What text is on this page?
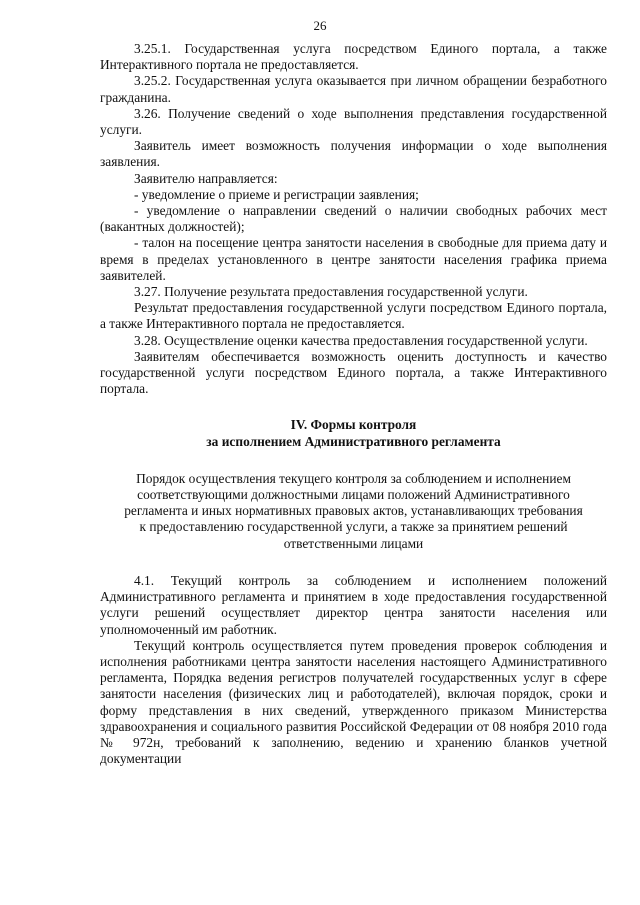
26

3.25.1. Государственная услуга посредством Единого портала, а также Интерактивного портала не предоставляется.

3.25.2. Государственная услуга оказывается при личном обращении безработного гражданина.

3.26. Получение сведений о ходе выполнения представления государственной услуги.

Заявитель имеет возможность получения информации о ходе выполнения заявления.

Заявителю направляется:

- уведомление о приеме и регистрации заявления;

- уведомление о направлении сведений о наличии свободных рабочих мест (вакантных должностей);

- талон на посещение центра занятости населения в свободные для приема дату и время в пределах установленного в центре занятости населения графика приема заявителей.

3.27. Получение результата предоставления государственной услуги.

Результат предоставления государственной услуги посредством Единого портала, а также Интерактивного портала не предоставляется.

3.28. Осуществление оценки качества предоставления государственной услуги.

Заявителям обеспечивается возможность оценить доступность и качество государственной услуги посредством Единого портала, а также Интерактивного портала.

IV. Формы контроля
за исполнением Административного регламента
Порядок осуществления текущего контроля за соблюдением и исполнением
соответствующими должностными лицами положений Административного
регламента и иных нормативных правовых актов, устанавливающих требования
к предоставлению государственной услуги, а также за принятием решений
ответственными лицами

4.1. Текущий контроль за соблюдением и исполнением положений Административного регламента и принятием в ходе предоставления государственной услуги решений осуществляет директор центра занятости населения или уполномоченный им работник.

Текущий контроль осуществляется путем проведения проверок соблюдения и исполнения работниками центра занятости населения настоящего Административного регламента, Порядка ведения регистров получателей государственных услуг в сфере занятости населения (физических лиц и работодателей), включая порядок, сроки и форму представления в них сведений, утвержденного приказом Министерства здравоохранения и социального развития Российской Федерации от 08 ноября 2010 года № 972н, требований к заполнению, ведению и хранению бланков учетной документации
